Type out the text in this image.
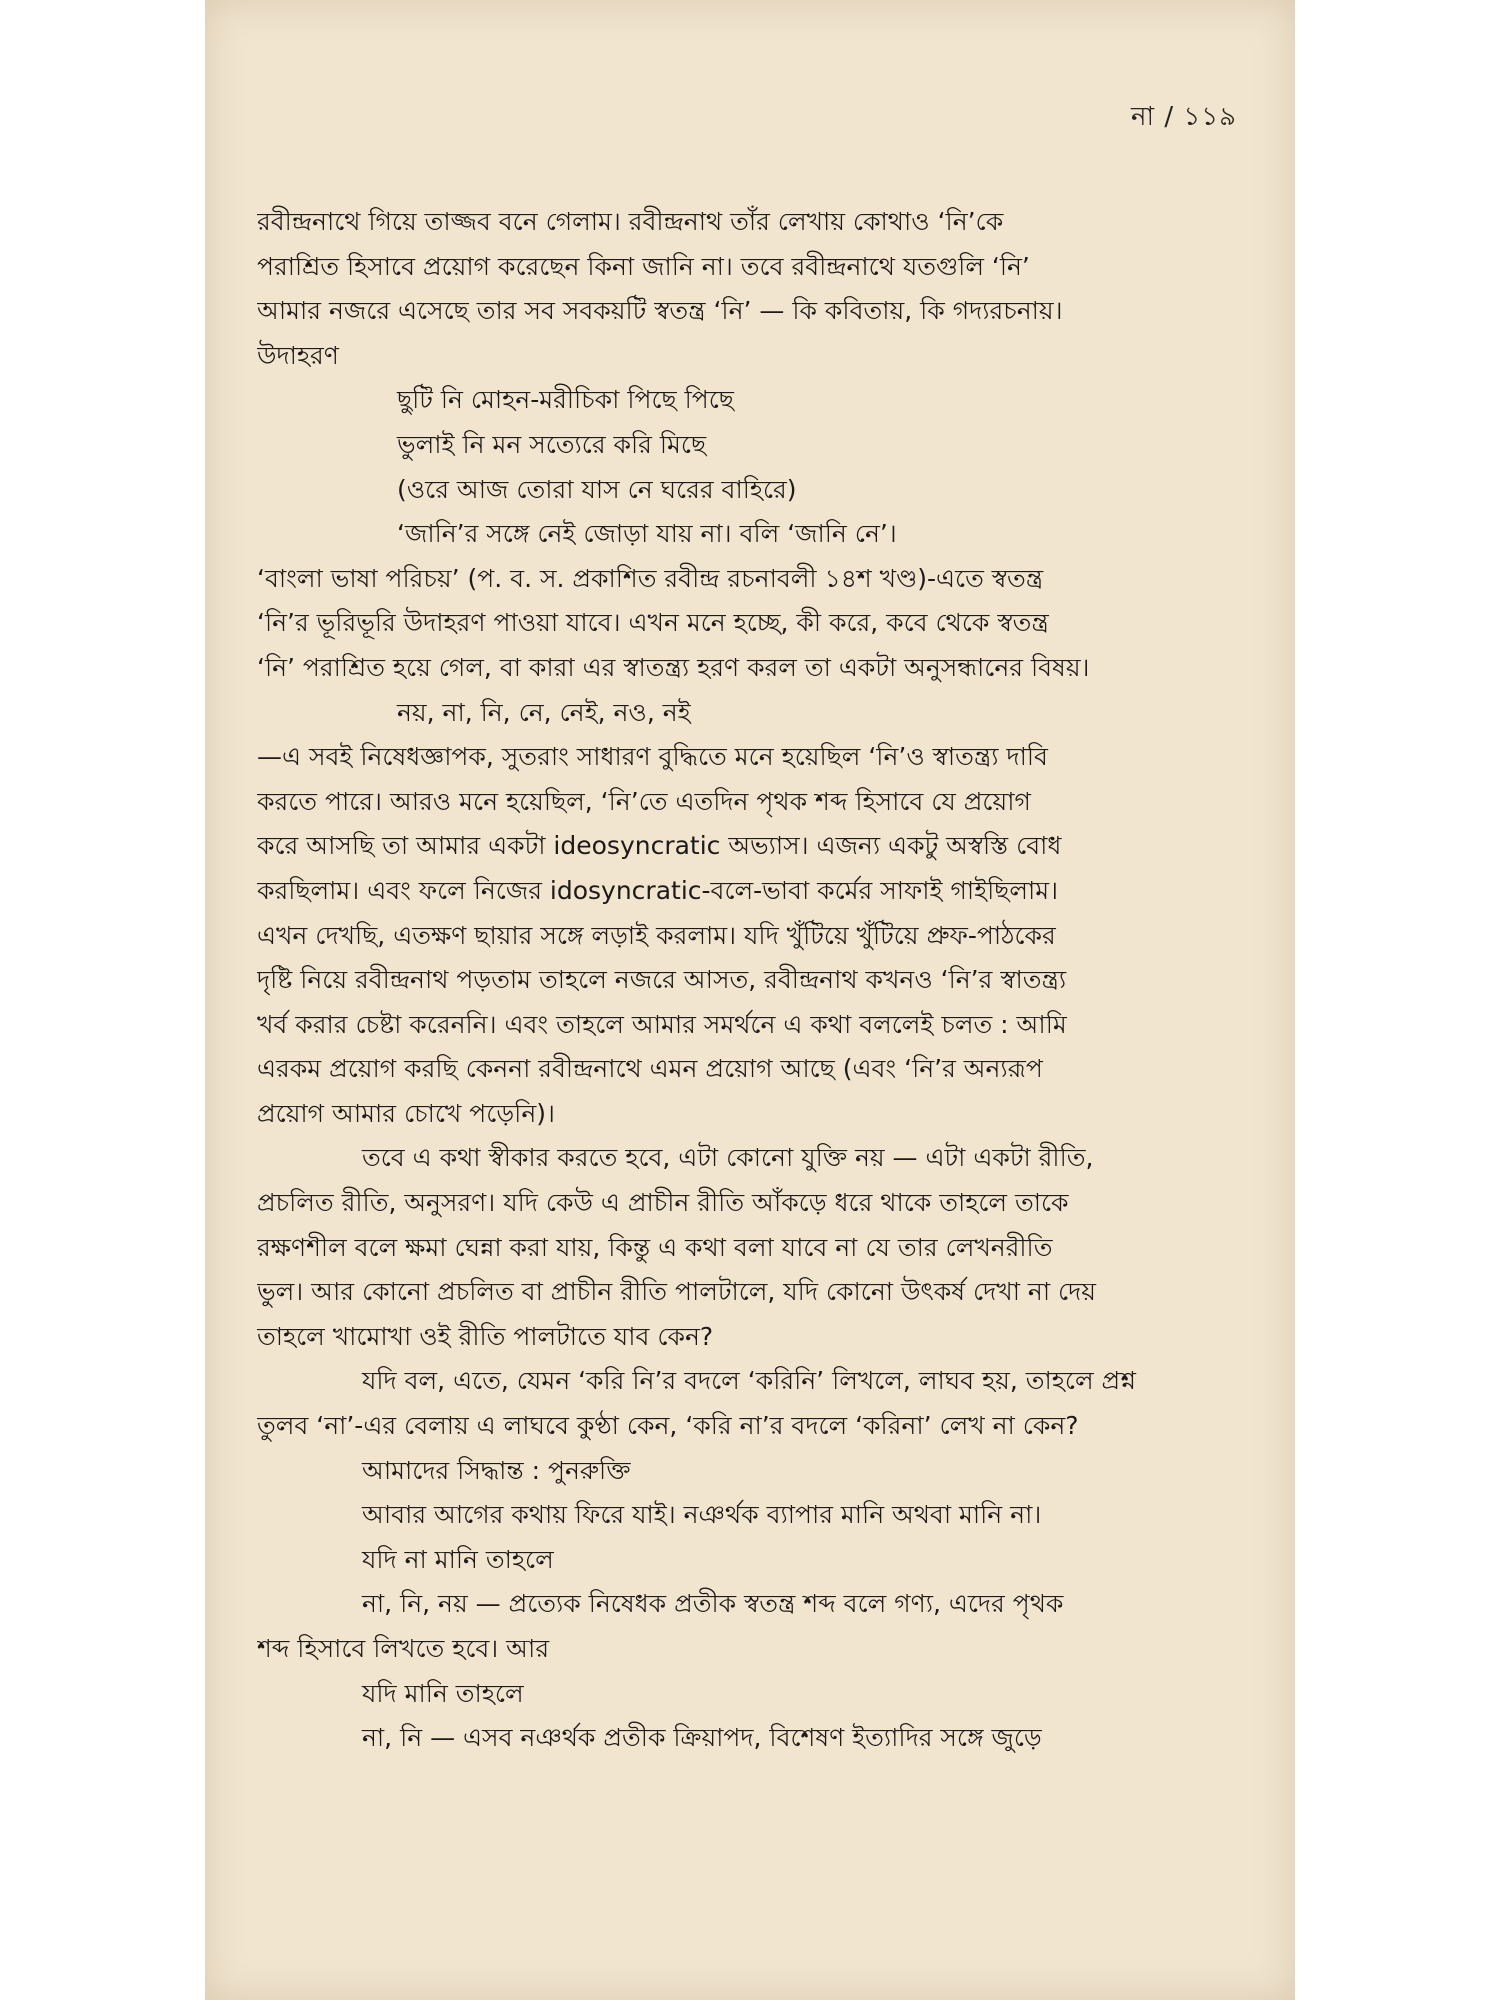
না / ১১৯
রবীন্দ্রনাথে গিয়ে তাজ্জব বনে গেলাম। রবীন্দ্রনাথ তাঁর লেখায় কোথাও ‘নি’কে
পরাশ্রিত হিসাবে প্রয়োগ করেছেন কিনা জানি না। তবে রবীন্দ্রনাথে যতগুলি ‘নি’
আমার নজরে এসেছে তার সব সবকয়টি স্বতন্ত্র ‘নি’ — কি কবিতায়, কি গদ্যরচনায়।
উদাহরণ
ছুটি নি মোহন-মরীচিকা পিছে পিছে
ভুলাই নি মন সত্যেরে করি মিছে
(ওরে আজ তোরা যাস নে ঘরের বাহিরে)
‘জানি’র সঙ্গে নেই জোড়া যায় না। বলি ‘জানি নে’।
‘বাংলা ভাষা পরিচয়’ (প. ব. স. প্রকাশিত রবীন্দ্র রচনাবলী ১৪শ খণ্ড)-এতে স্বতন্ত্র
‘নি’র ভূরিভূরি উদাহরণ পাওয়া যাবে। এখন মনে হচ্ছে, কী করে, কবে থেকে স্বতন্ত্র
‘নি’ পরাশ্রিত হয়ে গেল, বা কারা এর স্বাতন্ত্র্য হরণ করল তা একটা অনুসন্ধানের বিষয়।
নয়, না, নি, নে, নেই, নও, নই
—এ সবই নিষেধজ্ঞাপক, সুতরাং সাধারণ বুদ্ধিতে মনে হয়েছিল ‘নি’ও স্বাতন্ত্র্য দাবি
করতে পারে। আরও মনে হয়েছিল, ‘নি’তে এতদিন পৃথক শব্দ হিসাবে যে প্রয়োগ
করে আসছি তা আমার একটা ideosyncratic অভ্যাস। এজন্য একটু অস্বস্তি বোধ
করছিলাম। এবং ফলে নিজের idosyncratic-বলে-ভাবা কর্মের সাফাই গাইছিলাম।
এখন দেখছি, এতক্ষণ ছায়ার সঙ্গে লড়াই করলাম। যদি খুঁটিয়ে খুঁটিয়ে প্রুফ-পাঠকের
দৃষ্টি নিয়ে রবীন্দ্রনাথ পড়তাম তাহলে নজরে আসত, রবীন্দ্রনাথ কখনও ‘নি’র স্বাতন্ত্র্য
খর্ব করার চেষ্টা করেননি। এবং তাহলে আমার সমর্থনে এ কথা বললেই চলত : আমি
এরকম প্রয়োগ করছি কেননা রবীন্দ্রনাথে এমন প্রয়োগ আছে (এবং ‘নি’র অন্যরূপ
প্রয়োগ আমার চোখে পড়েনি)।
তবে এ কথা স্বীকার করতে হবে, এটা কোনো যুক্তি নয় — এটা একটা রীতি,
প্রচলিত রীতি, অনুসরণ। যদি কেউ এ প্রাচীন রীতি আঁকড়ে ধরে থাকে তাহলে তাকে
রক্ষণশীল বলে ক্ষমা ঘেন্না করা যায়, কিন্তু এ কথা বলা যাবে না যে তার লেখনরীতি
ভুল। আর কোনো প্রচলিত বা প্রাচীন রীতি পালটালে, যদি কোনো উৎকর্ষ দেখা না দেয়
তাহলে খামোখা ওই রীতি পালটাতে যাব কেন?
যদি বল, এতে, যেমন ‘করি নি’র বদলে ‘করিনি’ লিখলে, লাঘব হয়, তাহলে প্রশ্ন
তুলব ‘না’-এর বেলায় এ লাঘবে কুণ্ঠা কেন, ‘করি না’র বদলে ‘করিনা’ লেখ না কেন?
আমাদের সিদ্ধান্ত : পুনরুক্তি
আবার আগের কথায় ফিরে যাই। নঞর্থক ব্যাপার মানি অথবা মানি না।
যদি না মানি তাহলে
না, নি, নয় — প্রত্যেক নিষেধক প্রতীক স্বতন্ত্র শব্দ বলে গণ্য, এদের পৃথক
শব্দ হিসাবে লিখতে হবে। আর
যদি মানি তাহলে
না, নি — এসব নঞর্থক প্রতীক ক্রিয়াপদ, বিশেষণ ইত্যাদির সঙ্গে জুড়ে
